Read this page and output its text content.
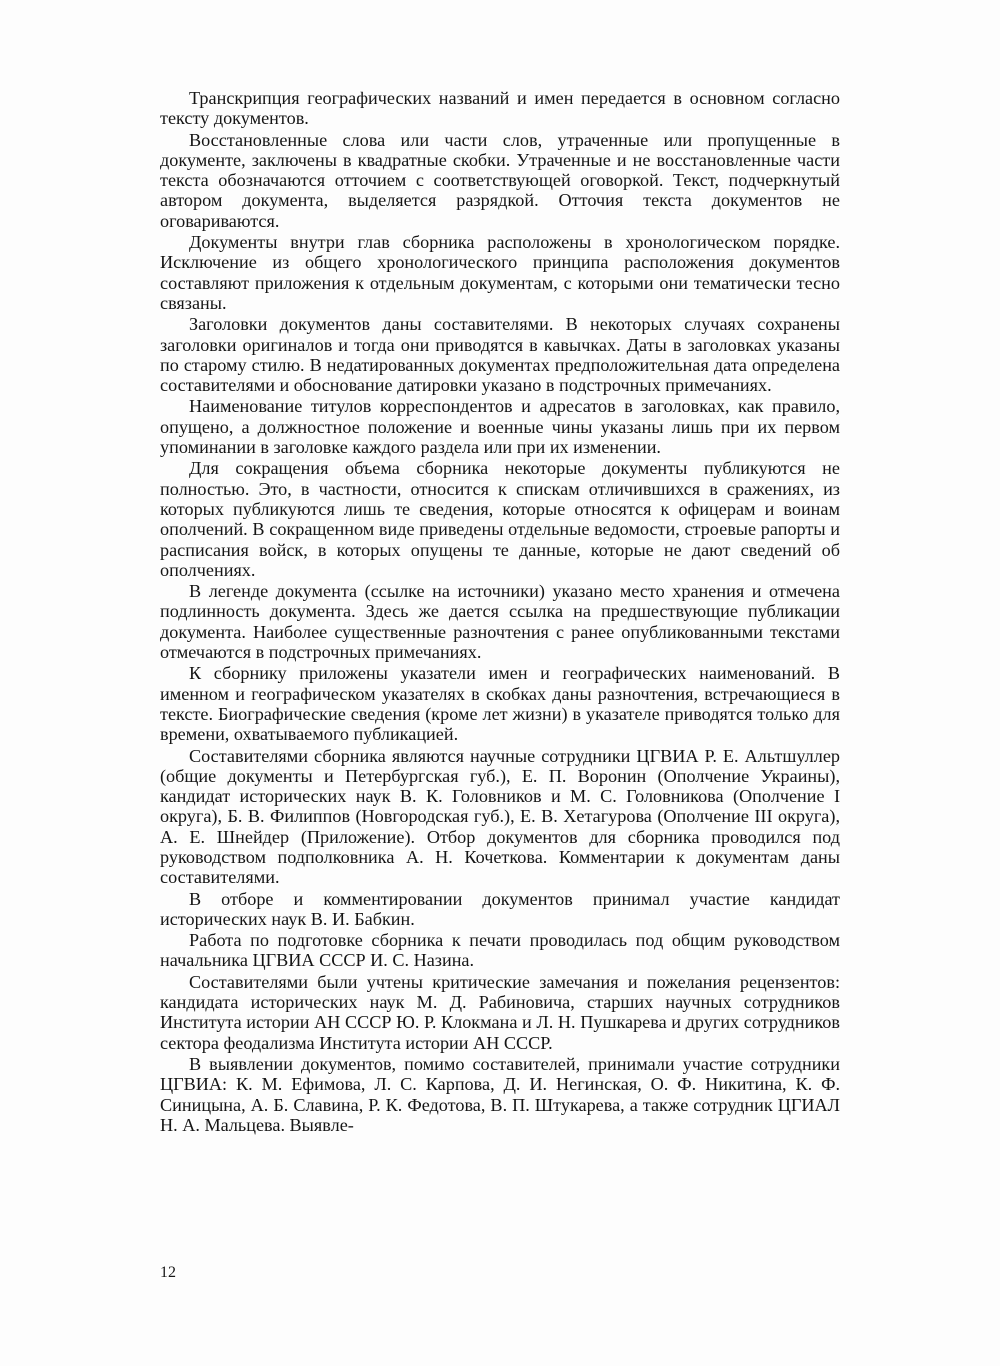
Транскрипция географических названий и имен передается в основном согласно тексту документов.

Восстановленные слова или части слов, утраченные или пропущенные в документе, заключены в квадратные скобки. Утраченные и не восстановленные части текста обозначаются отточием с соответствующей оговоркой. Текст, подчеркнутый автором документа, выделяется разрядкой. Отточия текста документов не оговариваются.

Документы внутри глав сборника расположены в хронологическом порядке. Исключение из общего хронологического принципа расположения документов составляют приложения к отдельным документам, с которыми они тематически тесно связаны.

Заголовки документов даны составителями. В некоторых случаях сохранены заголовки оригиналов и тогда они приводятся в кавычках. Даты в заголовках указаны по старому стилю. В недатированных документах предположительная дата определена составителями и обоснование датировки указано в подстрочных примечаниях.

Наименование титулов корреспондентов и адресатов в заголовках, как правило, опущено, а должностное положение и военные чины указаны лишь при их первом упоминании в заголовке каждого раздела или при их изменении.

Для сокращения объема сборника некоторые документы публикуются не полностью. Это, в частности, относится к спискам отличившихся в сражениях, из которых публикуются лишь те сведения, которые относятся к офицерам и воинам ополчений. В сокращенном виде приведены отдельные ведомости, строевые рапорты и расписания войск, в которых опущены те данные, которые не дают сведений об ополчениях.

В легенде документа (ссылке на источники) указано место хранения и отмечена подлинность документа. Здесь же дается ссылка на предшествующие публикации документа. Наиболее существенные разночтения с ранее опубликованными текстами отмечаются в подстрочных примечаниях.

К сборнику приложены указатели имен и географических наименований. В именном и географическом указателях в скобках даны разночтения, встречающиеся в тексте. Биографические сведения (кроме лет жизни) в указателе приводятся только для времени, охватываемого публикацией.

Составителями сборника являются научные сотрудники ЦГВИА Р. Е. Альтшуллер (общие документы и Петербургская губ.), Е. П. Воронин (Ополчение Украины), кандидат исторических наук В. К. Головников и М. С. Головникова (Ополчение I округа), Б. В. Филиппов (Новгородская губ.), Е. В. Хетагурова (Ополчение III округа), А. Е. Шнейдер (Приложение). Отбор документов для сборника проводился под руководством подполковника А. Н. Кочеткова. Комментарии к документам даны составителями.

В отборе и комментировании документов принимал участие кандидат исторических наук В. И. Бабкин.

Работа по подготовке сборника к печати проводилась под общим руководством начальника ЦГВИА СССР И. С. Назина.

Составителями были учтены критические замечания и пожелания рецензентов: кандидата исторических наук М. Д. Рабиновича, старших научных сотрудников Института истории АН СССР Ю. Р. Клокмана и Л. Н. Пушкарева и других сотрудников сектора феодализма Института истории АН СССР.

В выявлении документов, помимо составителей, принимали участие сотрудники ЦГВИА: К. М. Ефимова, Л. С. Карпова, Д. И. Негинская, О. Ф. Никитина, К. Ф. Синицына, А. Б. Славина, Р. К. Федотова, В. П. Штукарева, а также сотрудник ЦГИАЛ Н. А. Мальцева. Выявле-

12
